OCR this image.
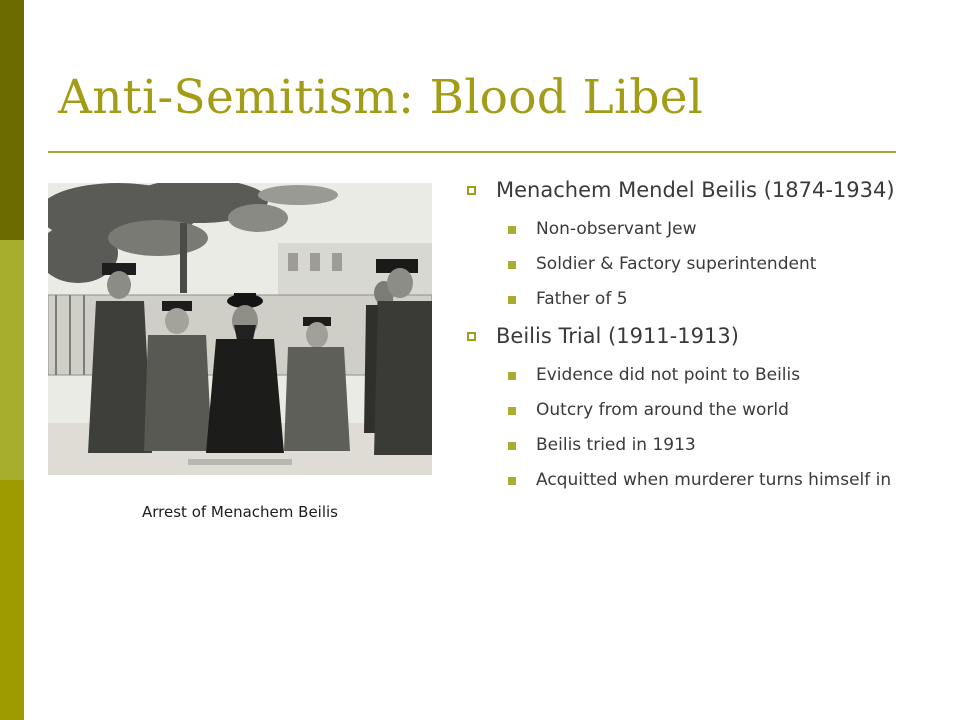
Anti-Semitism: Blood Libel
Arrest of Menachem Beilis
Menachem Mendel Beilis (1874-1934)
Non-observant Jew
Soldier & Factory superintendent
Father of 5
Beilis Trial (1911-1913)
Evidence did not point to Beilis
Outcry from around the world
Beilis tried in 1913
Acquitted when murderer turns himself in
